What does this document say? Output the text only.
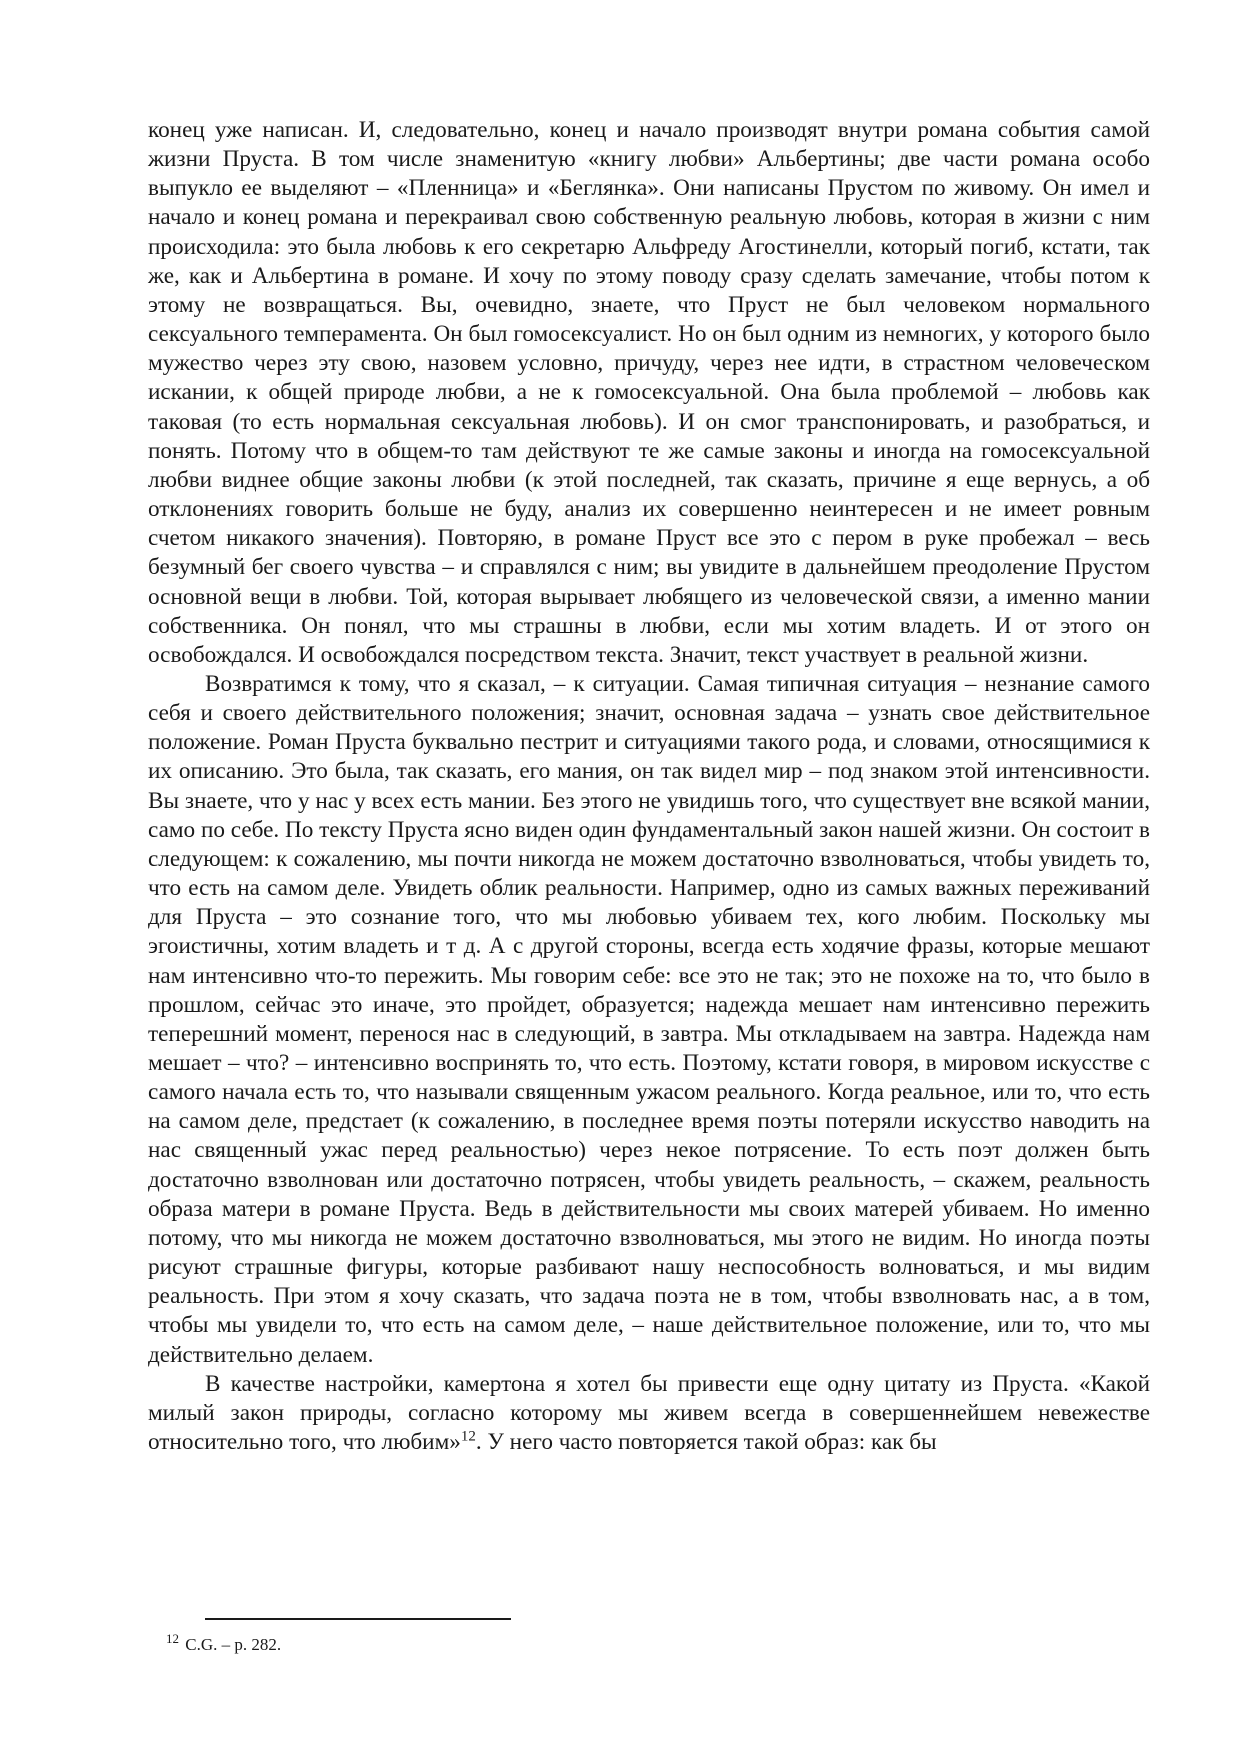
конец уже написан. И, следовательно, конец и начало производят внутри романа события самой жизни Пруста. В том числе знаменитую «книгу любви» Альбертины; две части романа особо выпукло ее выделяют – «Пленница» и «Беглянка». Они написаны Прустом по живому. Он имел и начало и конец романа и перекраивал свою собственную реальную любовь, которая в жизни с ним происходила: это была любовь к его секретарю Альфреду Агостинелли, который погиб, кстати, так же, как и Альбертина в романе. И хочу по этому поводу сразу сделать замечание, чтобы потом к этому не возвращаться. Вы, очевидно, знаете, что Пруст не был человеком нормального сексуального темперамента. Он был гомосексуалист. Но он был одним из немногих, у которого было мужество через эту свою, назовем условно, причуду, через нее идти, в страстном человеческом искании, к общей природе любви, а не к гомосексуальной. Она была проблемой – любовь как таковая (то есть нормальная сексуальная любовь). И он смог транспонировать, и разобраться, и понять. Потому что в общем-то там действуют те же самые законы и иногда на гомосексуальной любви виднее общие законы любви (к этой последней, так сказать, причине я еще вернусь, а об отклонениях говорить больше не буду, анализ их совершенно неинтересен и не имеет ровным счетом никакого значения). Повторяю, в романе Пруст все это с пером в руке пробежал – весь безумный бег своего чувства – и справлялся с ним; вы увидите в дальнейшем преодоление Прустом основной вещи в любви. Той, которая вырывает любящего из человеческой связи, а именно мании собственника. Он понял, что мы страшны в любви, если мы хотим владеть. И от этого он освобождался. И освобождался посредством текста. Значит, текст участвует в реальной жизни.

Возвратимся к тому, что я сказал, – к ситуации. Самая типичная ситуация – незнание самого себя и своего действительного положения; значит, основная задача – узнать свое действительное положение. Роман Пруста буквально пестрит и ситуациями такого рода, и словами, относящимися к их описанию. Это была, так сказать, его мания, он так видел мир – под знаком этой интенсивности. Вы знаете, что у нас у всех есть мании. Без этого не увидишь того, что существует вне всякой мании, само по себе. По тексту Пруста ясно виден один фундаментальный закон нашей жизни. Он состоит в следующем: к сожалению, мы почти никогда не можем достаточно взволноваться, чтобы увидеть то, что есть на самом деле. Увидеть облик реальности. Например, одно из самых важных переживаний для Пруста – это сознание того, что мы любовью убиваем тех, кого любим. Поскольку мы эгоистичны, хотим владеть и т д. А с другой стороны, всегда есть ходячие фразы, которые мешают нам интенсивно что-то пережить. Мы говорим себе: все это не так; это не похоже на то, что было в прошлом, сейчас это иначе, это пройдет, образуется; надежда мешает нам интенсивно пережить теперешний момент, перенося нас в следующий, в завтра. Мы откладываем на завтра. Надежда нам мешает – что? – интенсивно воспринять то, что есть. Поэтому, кстати говоря, в мировом искусстве с самого начала есть то, что называли священным ужасом реального. Когда реальное, или то, что есть на самом деле, предстает (к сожалению, в последнее время поэты потеряли искусство наводить на нас священный ужас перед реальностью) через некое потрясение. То есть поэт должен быть достаточно взволнован или достаточно потрясен, чтобы увидеть реальность, – скажем, реальность образа матери в романе Пруста. Ведь в действительности мы своих матерей убиваем. Но именно потому, что мы никогда не можем достаточно взволноваться, мы этого не видим. Но иногда поэты рисуют страшные фигуры, которые разбивают нашу неспособность волноваться, и мы видим реальность. При этом я хочу сказать, что задача поэта не в том, чтобы взволновать нас, а в том, чтобы мы увидели то, что есть на самом деле, – наше действительное положение, или то, что мы действительно делаем.

В качестве настройки, камертона я хотел бы привести еще одну цитату из Пруста. «Какой милый закон природы, согласно которому мы живем всегда в совершеннейшем невежестве относительно того, что любим»$^{12}$. У него часто повторяется такой образ: как бы

$^{12}$ C.G. – p. 282.
